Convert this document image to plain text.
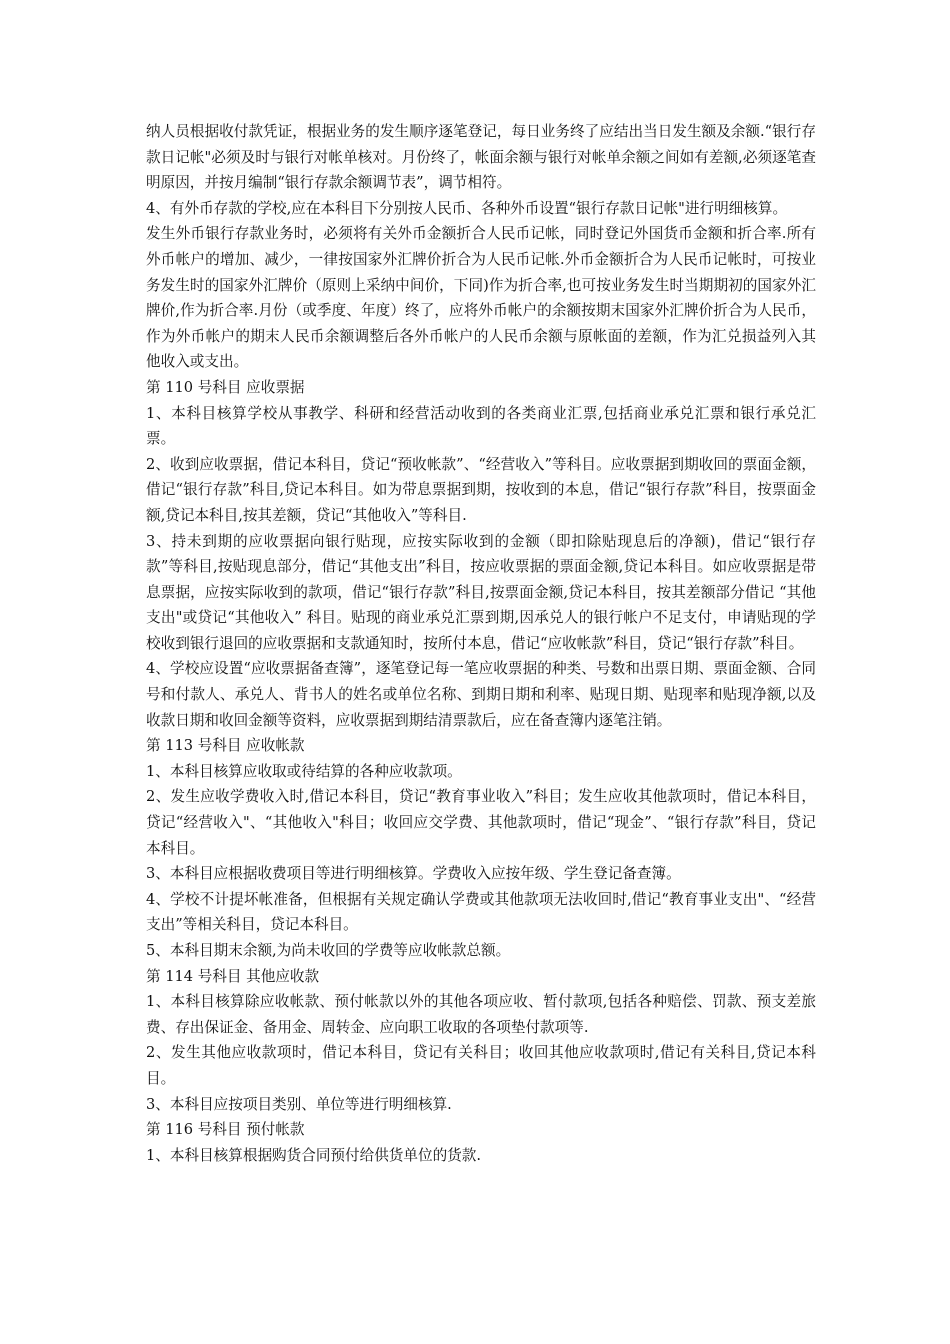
纳人员根据收付款凭证，根据业务的发生顺序逐笔登记，每日业务终了应结出当日发生额及余额.“银行存款日记帐"必须及时与银行对帐单核对。月份终了，帐面余额与银行对帐单余额之间如有差额,必须逐笔查明原因，并按月编制“银行存款余额调节表”，调节相符。

4、有外币存款的学校,应在本科目下分别按人民币、各种外币设置“银行存款日记帐"进行明细核算。

发生外币银行存款业务时，必须将有关外币金额折合人民币记帐，同时登记外国货币金额和折合率.所有外币帐户的增加、减少，一律按国家外汇牌价折合为人民币记帐.外币金额折合为人民币记帐时，可按业务发生时的国家外汇牌价（原则上采纳中间价，下同)作为折合率,也可按业务发生时当期期初的国家外汇牌价,作为折合率.月份（或季度、年度）终了，应将外币帐户的余额按期末国家外汇牌价折合为人民币，作为外币帐户的期末人民币余额调整后各外币帐户的人民币余额与原帐面的差额，作为汇兑损益列入其他收入或支出。

第 110 号科目 应收票据

1、本科目核算学校从事教学、科研和经营活动收到的各类商业汇票,包括商业承兑汇票和银行承兑汇票。

2、收到应收票据，借记本科目，贷记“预收帐款”、“经营收入”等科目。应收票据到期收回的票面金额，借记“银行存款”科目,贷记本科目。如为带息票据到期，按收到的本息，借记“银行存款”科目，按票面金额,贷记本科目,按其差额，贷记“其他收入”等科目.

3、持未到期的应收票据向银行贴现，应按实际收到的金额（即扣除贴现息后的净额)，借记“银行存款”等科目,按贴现息部分，借记“其他支出”科目，按应收票据的票面金额,贷记本科目。如应收票据是带息票据，应按实际收到的款项，借记“银行存款”科目,按票面金额,贷记本科目，按其差额部分借记 “其他支出"或贷记“其他收入” 科目。贴现的商业承兑汇票到期,因承兑人的银行帐户不足支付，申请贴现的学校收到银行退回的应收票据和支款通知时，按所付本息，借记“应收帐款”科目，贷记“银行存款”科目。

4、学校应设置“应收票据备查簿”，逐笔登记每一笔应收票据的种类、号数和出票日期、票面金额、合同号和付款人、承兑人、背书人的姓名或单位名称、到期日期和利率、贴现日期、贴现率和贴现净额,以及收款日期和收回金额等资料，应收票据到期结清票款后，应在备查簿内逐笔注销。

第 113 号科目 应收帐款

1、本科目核算应收取或待结算的各种应收款项。

2、发生应收学费收入时,借记本科目，贷记“教育事业收入”科目；发生应收其他款项时，借记本科目，贷记“经营收入"、“其他收入"科目；收回应交学费、其他款项时，借记“现金”、“银行存款”科目，贷记本科目。

3、本科目应根据收费项目等进行明细核算。学费收入应按年级、学生登记备查簿。

4、学校不计提坏帐准备，但根据有关规定确认学费或其他款项无法收回时,借记“教育事业支出"、“经营支出”等相关科目，贷记本科目。

5、本科目期末余额,为尚未收回的学费等应收帐款总额。

第 114 号科目 其他应收款

1、本科目核算除应收帐款、预付帐款以外的其他各项应收、暂付款项,包括各种赔偿、罚款、预支差旅费、存出保证金、备用金、周转金、应向职工收取的各项垫付款项等.

2、发生其他应收款项时，借记本科目，贷记有关科目；收回其他应收款项时,借记有关科目,贷记本科目。

3、本科目应按项目类别、单位等进行明细核算.

第 116 号科目 预付帐款

1、本科目核算根据购货合同预付给供货单位的货款.
